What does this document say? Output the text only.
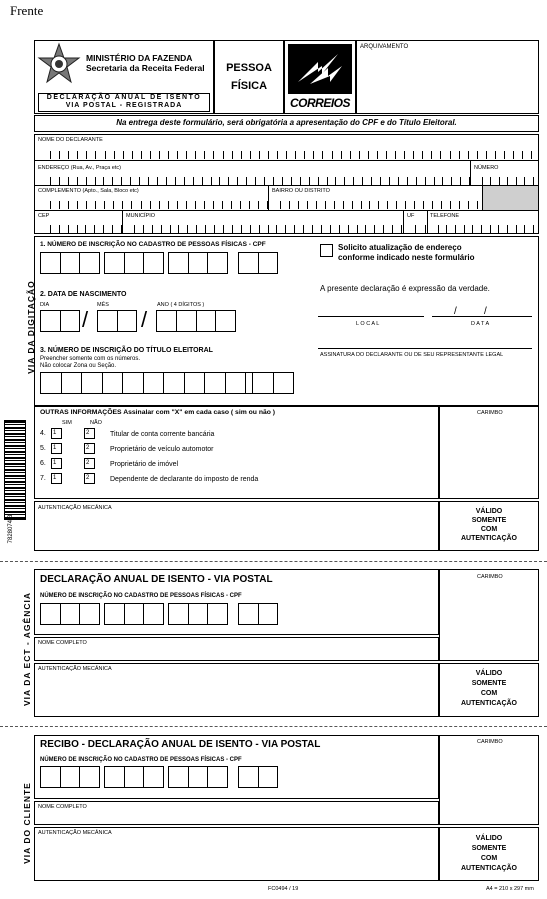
Frente
MINISTÉRIO DA FAZENDA
Secretaria da Receita Federal
DECLARAÇÃO ANUAL DE ISENTO
VIA POSTAL - REGISTRADA
PESSOA
FÍSICA
CORREIOS
ARQUIVAMENTO
Na entrega deste formulário, será obrigatória a apresentação do CPF e do Título Eleitoral.
NOME DO DECLARANTE
ENDEREÇO (Rua, Av., Praça etc)	NÚMERO
COMPLEMENTO (Apto., Sala, Bloco etc)	BAIRRO OU DISTRITO
CEP	MUNICÍPIO	UF	TELEFONE
VIA DA DIGITAÇÃO
1. NÚMERO DE INSCRIÇÃO NO CADASTRO DE PESSOAS FÍSICAS - CPF
2. DATA DE NASCIMENTO
DIA	MÊS	ANO ( 4 DÍGITOS )
/ /
3. NÚMERO DE INSCRIÇÃO DO TÍTULO ELEITORAL
Preencher somente com os números.
Não colocar Zona ou Seção.
Solicito atualização de endereço
conforme indicado neste formulário
A presente declaração é expressão da verdade.
/	/
L O C A L	D A T A
ASSINATURA DO DECLARANTE OU DE SEU REPRESENTANTE LEGAL
OUTRAS INFORMAÇÕES Assinalar com "X" em cada caso ( sim ou não )
SIM	NÃO
4.	1	2	Titular de conta corrente bancária
5.	1	2	Proprietário de veículo automotor
6.	1	2	Proprietário de imóvel
7.	1	2	Dependente de declarante do imposto de renda
CARIMBO
AUTENTICAÇÃO MECÂNICA	VÁLIDO
SOMENTE
COM
AUTENTICAÇÃO
7828074-3
VIA DA ECT - AGÊNCIA
DECLARAÇÃO ANUAL DE ISENTO - VIA POSTAL
NÚMERO DE INSCRIÇÃO NO CADASTRO DE PESSOAS FÍSICAS - CPF
NOME COMPLETO
AUTENTICAÇÃO MECÂNICA
CARIMBO
VÁLIDO
SOMENTE
COM
AUTENTICAÇÃO
VIA DO CLIENTE
RECIBO - DECLARAÇÃO ANUAL DE ISENTO - VIA POSTAL
NÚMERO DE INSCRIÇÃO NO CADASTRO DE PESSOAS FÍSICAS - CPF
NOME COMPLETO
AUTENTICAÇÃO MECÂNICA
CARIMBO
VÁLIDO
SOMENTE
COM
AUTENTICAÇÃO
FC0494 / 19	A4 = 210 x 297 mm
